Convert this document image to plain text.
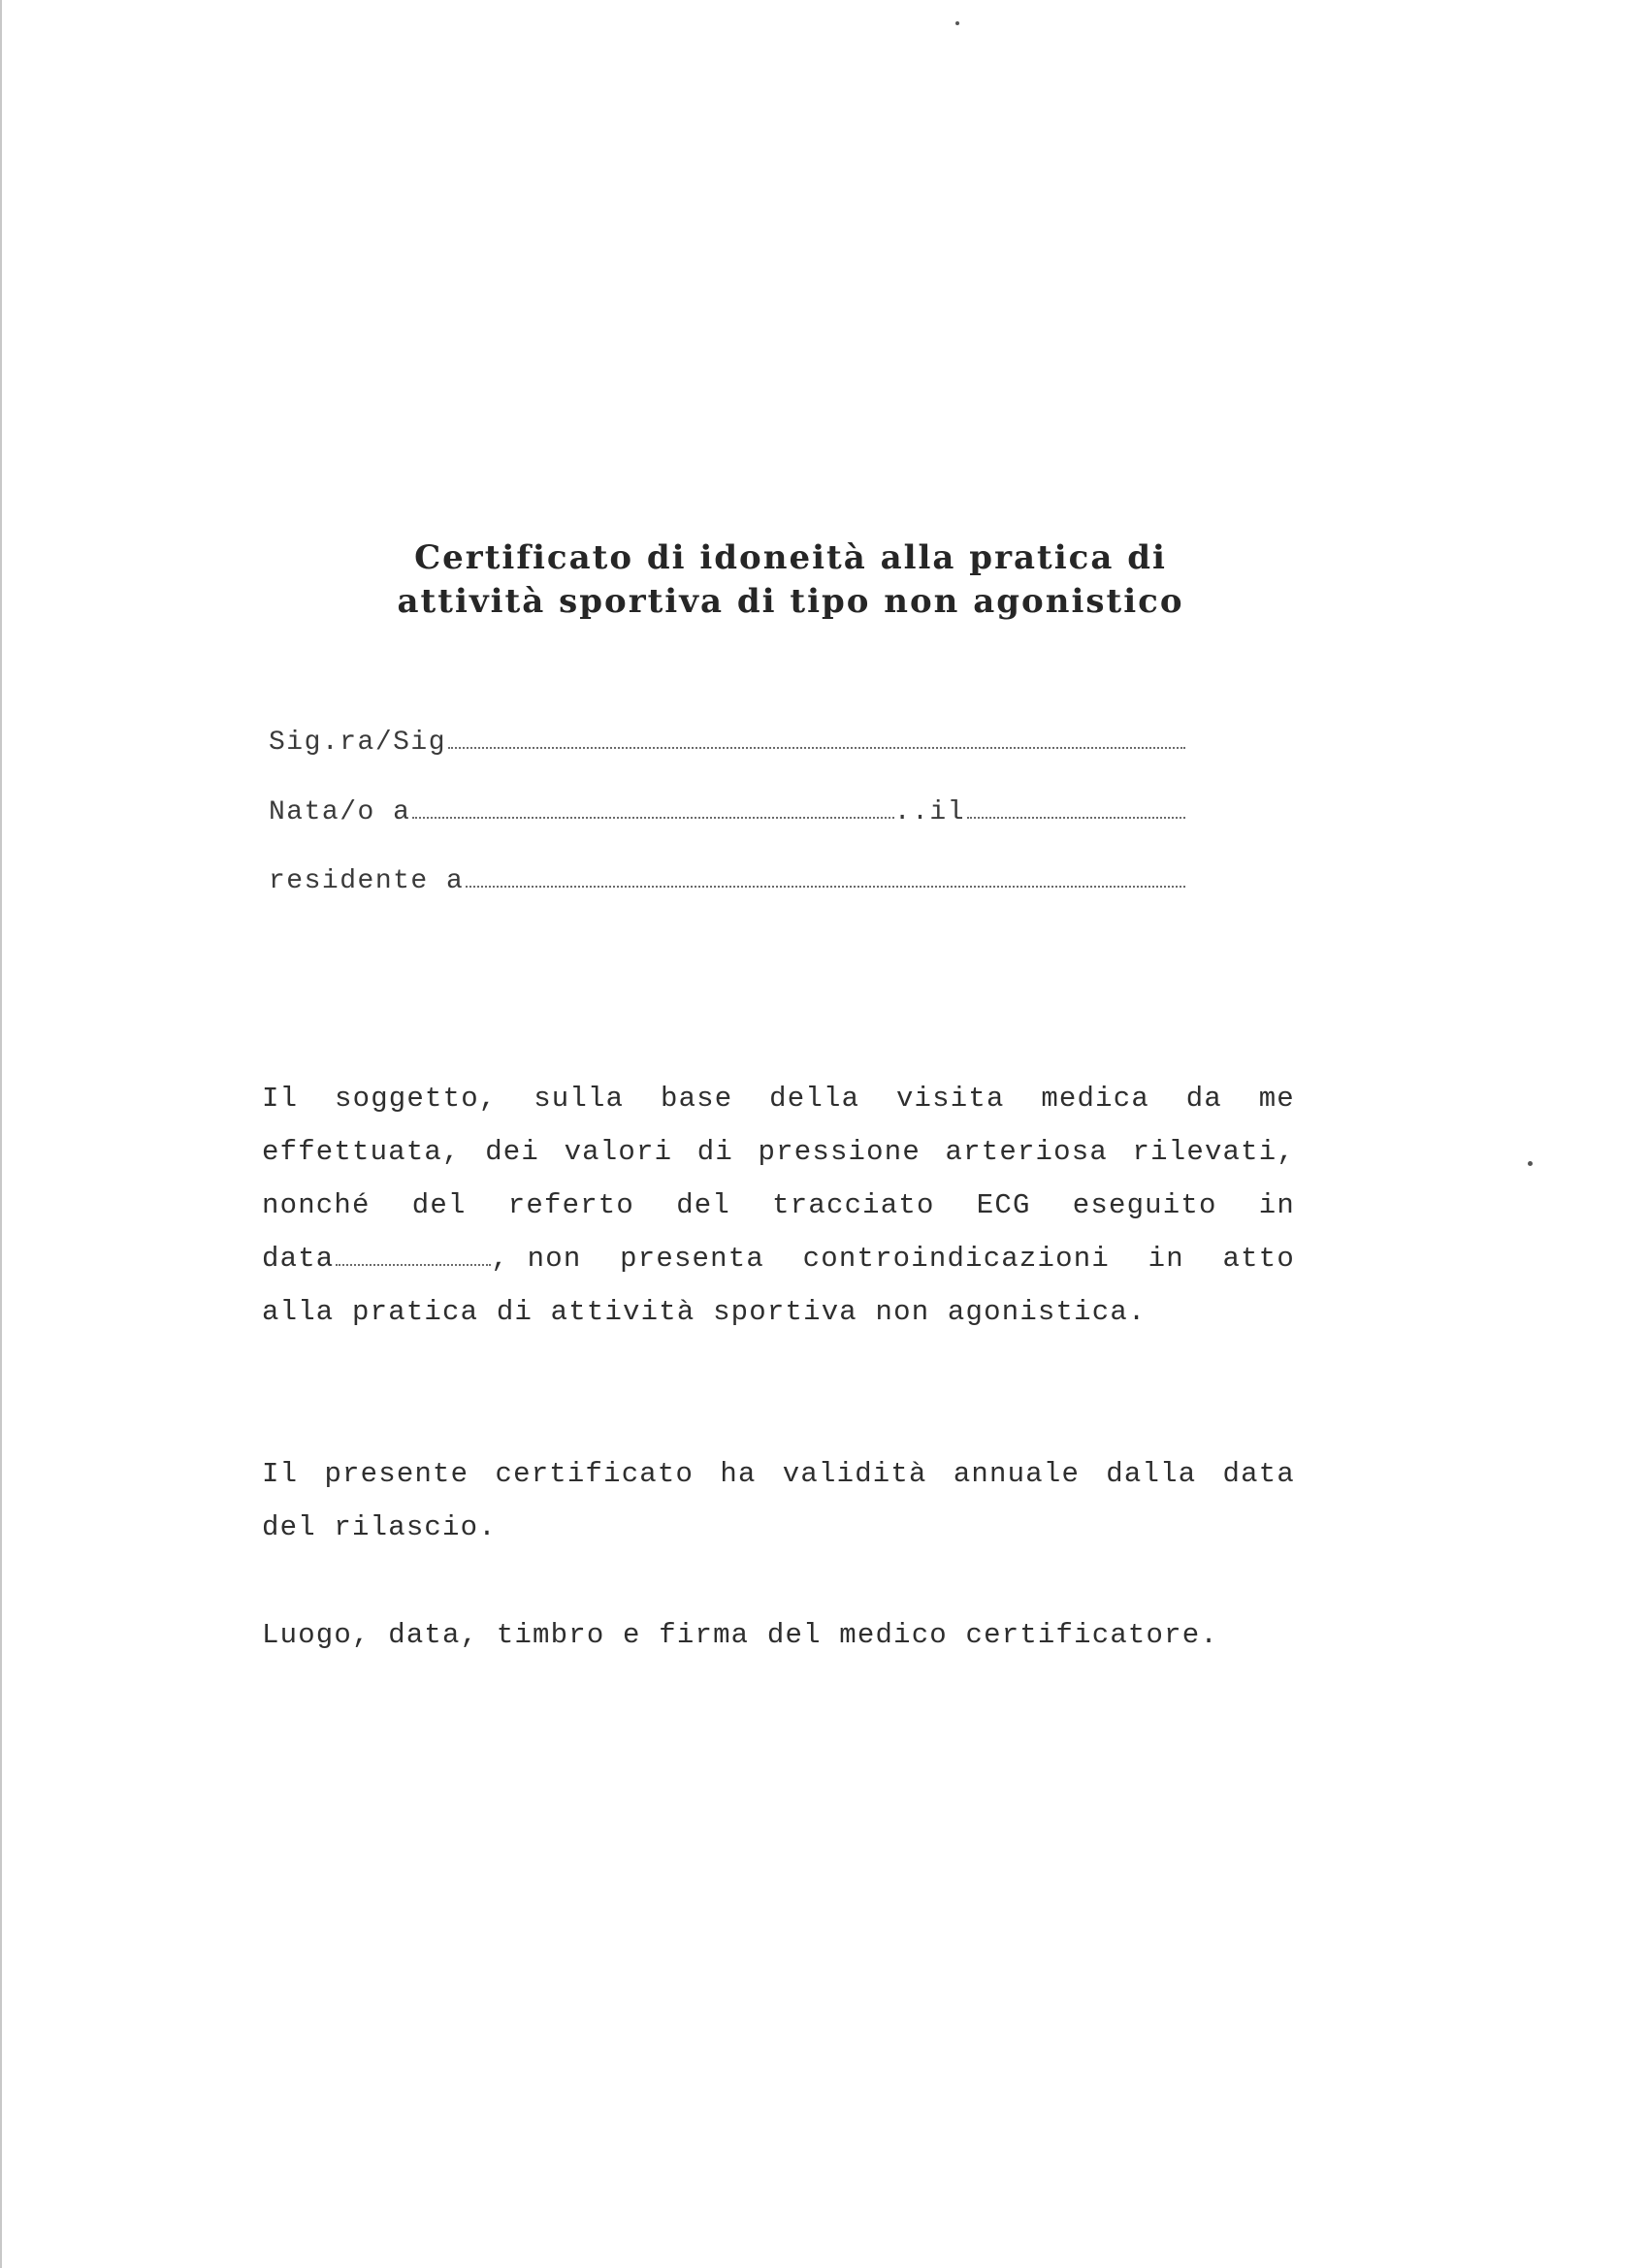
Certificato di idoneità alla pratica di
attività sportiva di tipo non agonistico
Sig.ra/Sig
Nata/o a	..il
residente a
Il soggetto, sulla base della visita medica da me
effettuata, dei valori di pressione arteriosa rilevati,
nonché del referto del tracciato ECG eseguito in
data	, non presenta controindicazioni in atto
alla pratica di attività sportiva non agonistica.
Il presente certificato ha validità annuale dalla data
del rilascio.
Luogo, data, timbro e firma del medico certificatore.
